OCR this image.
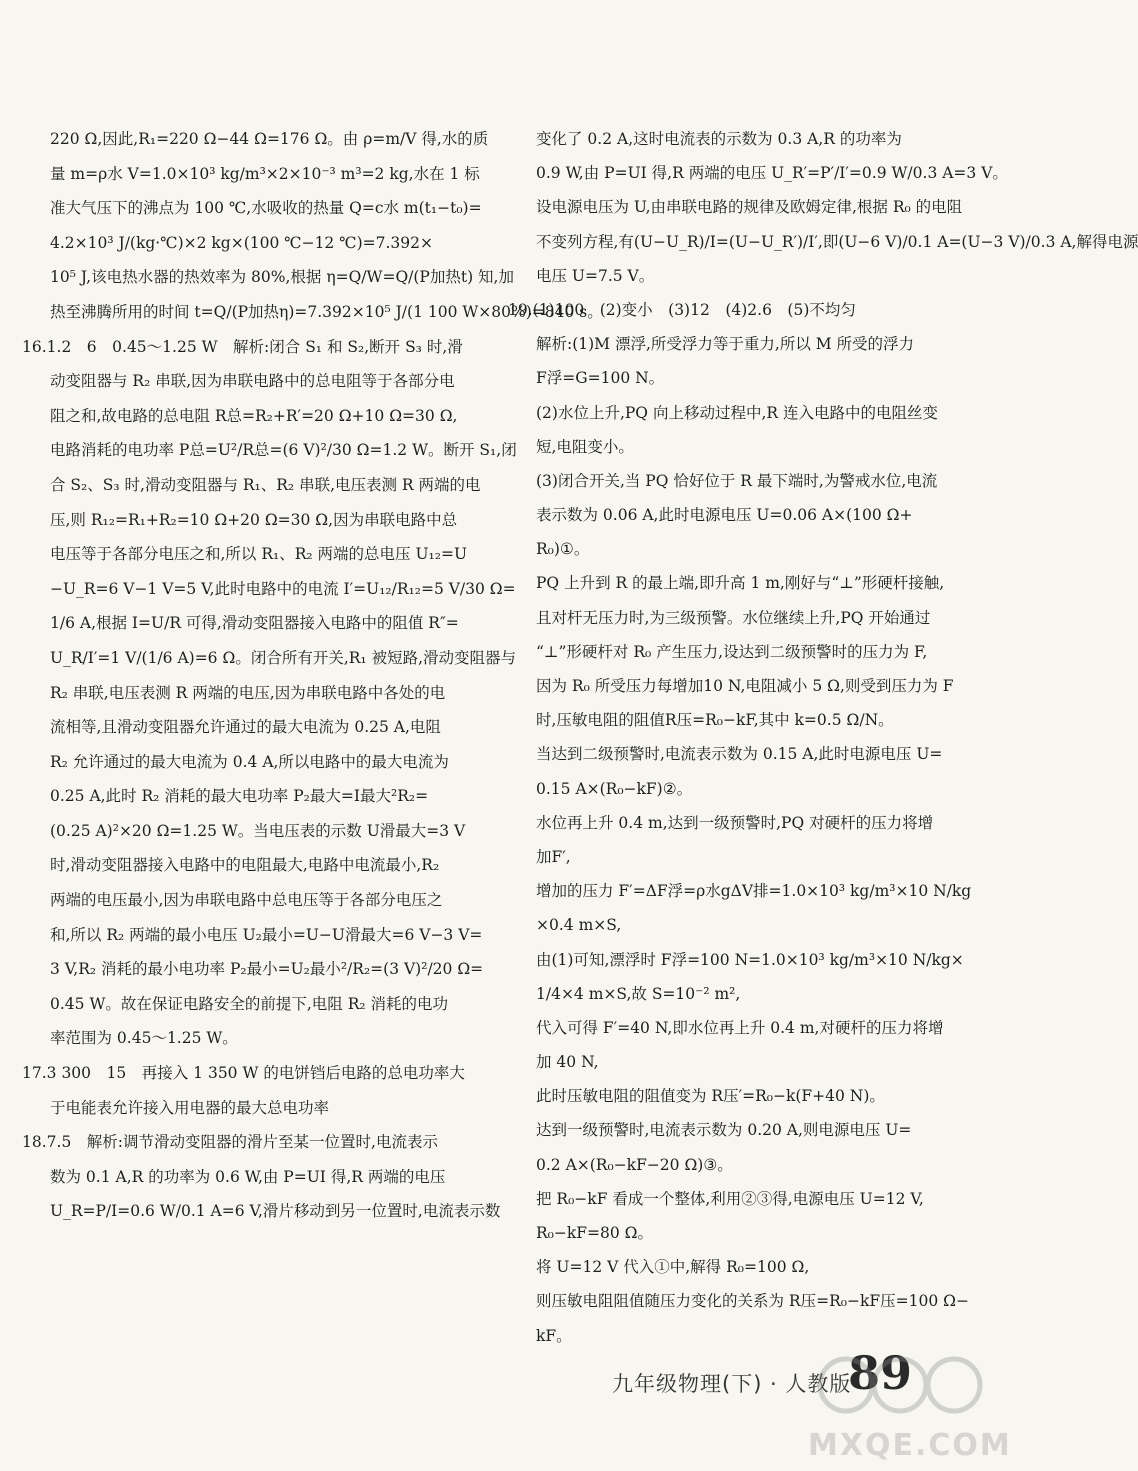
220 Ω,因此,R₁=220 Ω−44 Ω=176 Ω。由 ρ=m/V 得,水的质
量 m=ρ水 V=1.0×10³ kg/m³×2×10⁻³ m³=2 kg,水在 1 标
准大气压下的沸点为 100 ℃,水吸收的热量 Q=c水 m(t₁−t₀)=
4.2×10³ J/(kg·℃)×2 kg×(100 ℃−12 ℃)=7.392×
10⁵ J,该电热水器的热效率为 80%,根据 η=Q/W=Q/(P加热t) 知,加
热至沸腾所用的时间 t=Q/(P加热η)=7.392×10⁵ J/(1 100 W×80%)=840 s。
16.1.2　6　0.45～1.25 W　解析:闭合 S₁ 和 S₂,断开 S₃ 时,滑
动变阻器与 R₂ 串联,因为串联电路中的总电阻等于各部分电
阻之和,故电路的总电阻 R总=R₂+R′=20 Ω+10 Ω=30 Ω,
电路消耗的电功率 P总=U²/R总=(6 V)²/30 Ω=1.2 W。断开 S₁,闭
合 S₂、S₃ 时,滑动变阻器与 R₁、R₂ 串联,电压表测 R 两端的电
压,则 R₁₂=R₁+R₂=10 Ω+20 Ω=30 Ω,因为串联电路中总
电压等于各部分电压之和,所以 R₁、R₂ 两端的总电压 U₁₂=U
−U_R=6 V−1 V=5 V,此时电路中的电流 I′=U₁₂/R₁₂=5 V/30 Ω=
1/6 A,根据 I=U/R 可得,滑动变阻器接入电路中的阻值 R″=
U_R/I′=1 V/(1/6 A)=6 Ω。闭合所有开关,R₁ 被短路,滑动变阻器与
R₂ 串联,电压表测 R 两端的电压,因为串联电路中各处的电
流相等,且滑动变阻器允许通过的最大电流为 0.25 A,电阻
R₂ 允许通过的最大电流为 0.4 A,所以电路中的最大电流为
0.25 A,此时 R₂ 消耗的最大电功率 P₂最大=I最大²R₂=
(0.25 A)²×20 Ω=1.25 W。当电压表的示数 U滑最大=3 V
时,滑动变阻器接入电路中的电阻最大,电路中电流最小,R₂
两端的电压最小,因为串联电路中总电压等于各部分电压之
和,所以 R₂ 两端的最小电压 U₂最小=U−U滑最大=6 V−3 V=
3 V,R₂ 消耗的最小电功率 P₂最小=U₂最小²/R₂=(3 V)²/20 Ω=
0.45 W。故在保证电路安全的前提下,电阻 R₂ 消耗的电功
率范围为 0.45～1.25 W。
17.3 300　15　再接入 1 350 W 的电饼铛后电路的总电功率大
于电能表允许接入用电器的最大总电功率
18.7.5　解析:调节滑动变阻器的滑片至某一位置时,电流表示
数为 0.1 A,R 的功率为 0.6 W,由 P=UI 得,R 两端的电压
U_R=P/I=0.6 W/0.1 A=6 V,滑片移动到另一位置时,电流表示数
变化了 0.2 A,这时电流表的示数为 0.3 A,R 的功率为
0.9 W,由 P=UI 得,R 两端的电压 U_R′=P′/I′=0.9 W/0.3 A=3 V。
设电源电压为 U,由串联电路的规律及欧姆定律,根据 R₀ 的电阻
不变列方程,有(U−U_R)/I=(U−U_R′)/I′,即(U−6 V)/0.1 A=(U−3 V)/0.3 A,解得电源
电压 U=7.5 V。
19.(1)100　(2)变小　(3)12　(4)2.6　(5)不均匀
解析:(1)M 漂浮,所受浮力等于重力,所以 M 所受的浮力
F浮=G=100 N。
(2)水位上升,PQ 向上移动过程中,R 连入电路中的电阻丝变
短,电阻变小。
(3)闭合开关,当 PQ 恰好位于 R 最下端时,为警戒水位,电流
表示数为 0.06 A,此时电源电压 U=0.06 A×(100 Ω+
R₀)①。
PQ 上升到 R 的最上端,即升高 1 m,刚好与“⊥”形硬杆接触,
且对杆无压力时,为三级预警。水位继续上升,PQ 开始通过
“⊥”形硬杆对 R₀ 产生压力,设达到二级预警时的压力为 F,
因为 R₀ 所受压力每增加10 N,电阻减小 5 Ω,则受到压力为 F
时,压敏电阻的阻值R压=R₀−kF,其中 k=0.5 Ω/N。
当达到二级预警时,电流表示数为 0.15 A,此时电源电压 U=
0.15 A×(R₀−kF)②。
水位再上升 0.4 m,达到一级预警时,PQ 对硬杆的压力将增
加F′,
增加的压力 F′=ΔF浮=ρ水gΔV排=1.0×10³ kg/m³×10 N/kg
×0.4 m×S,
由(1)可知,漂浮时 F浮=100 N=1.0×10³ kg/m³×10 N/kg×
1/4×4 m×S,故 S=10⁻² m²,
代入可得 F′=40 N,即水位再上升 0.4 m,对硬杆的压力将增
加 40 N,
此时压敏电阻的阻值变为 R压′=R₀−k(F+40 N)。
达到一级预警时,电流表示数为 0.20 A,则电源电压 U=
0.2 A×(R₀−kF−20 Ω)③。
把 R₀−kF 看成一个整体,利用②③得,电源电压 U=12 V,
R₀−kF=80 Ω。
将 U=12 V 代入①中,解得 R₀=100 Ω,
则压敏电阻阻值随压力变化的关系为 R压=R₀−kF压=100 Ω−
kF。
九年级物理(下) · 人教版
89
MXQE.COM
